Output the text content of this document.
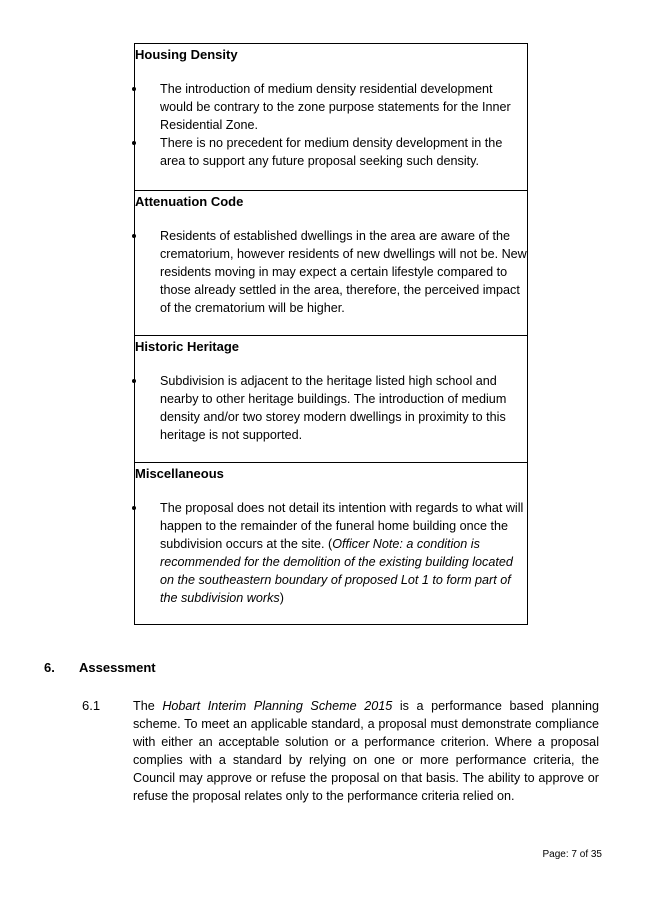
Housing Density
The introduction of medium density residential development would be contrary to the zone purpose statements for the Inner Residential Zone.
There is no precedent for medium density development in the area to support any future proposal seeking such density.
Attenuation Code
Residents of established dwellings in the area are aware of the crematorium, however residents of new dwellings will not be. New residents moving in may expect a certain lifestyle compared to those already settled in the area, therefore, the perceived impact of the crematorium will be higher.
Historic Heritage
Subdivision is adjacent to the heritage listed high school and nearby to other heritage buildings. The introduction of medium density and/or two storey modern dwellings in proximity to this heritage is not supported.
Miscellaneous
The proposal does not detail its intention with regards to what will happen to the remainder of the funeral home building once the subdivision occurs at the site. (Officer Note: a condition is recommended for the demolition of the existing building located on the southeastern boundary of proposed Lot 1 to form part of the subdivision works)
6. Assessment
6.1	The Hobart Interim Planning Scheme 2015 is a performance based planning scheme. To meet an applicable standard, a proposal must demonstrate compliance with either an acceptable solution or a performance criterion. Where a proposal complies with a standard by relying on one or more performance criteria, the Council may approve or refuse the proposal on that basis. The ability to approve or refuse the proposal relates only to the performance criteria relied on.
Page: 7 of 35
